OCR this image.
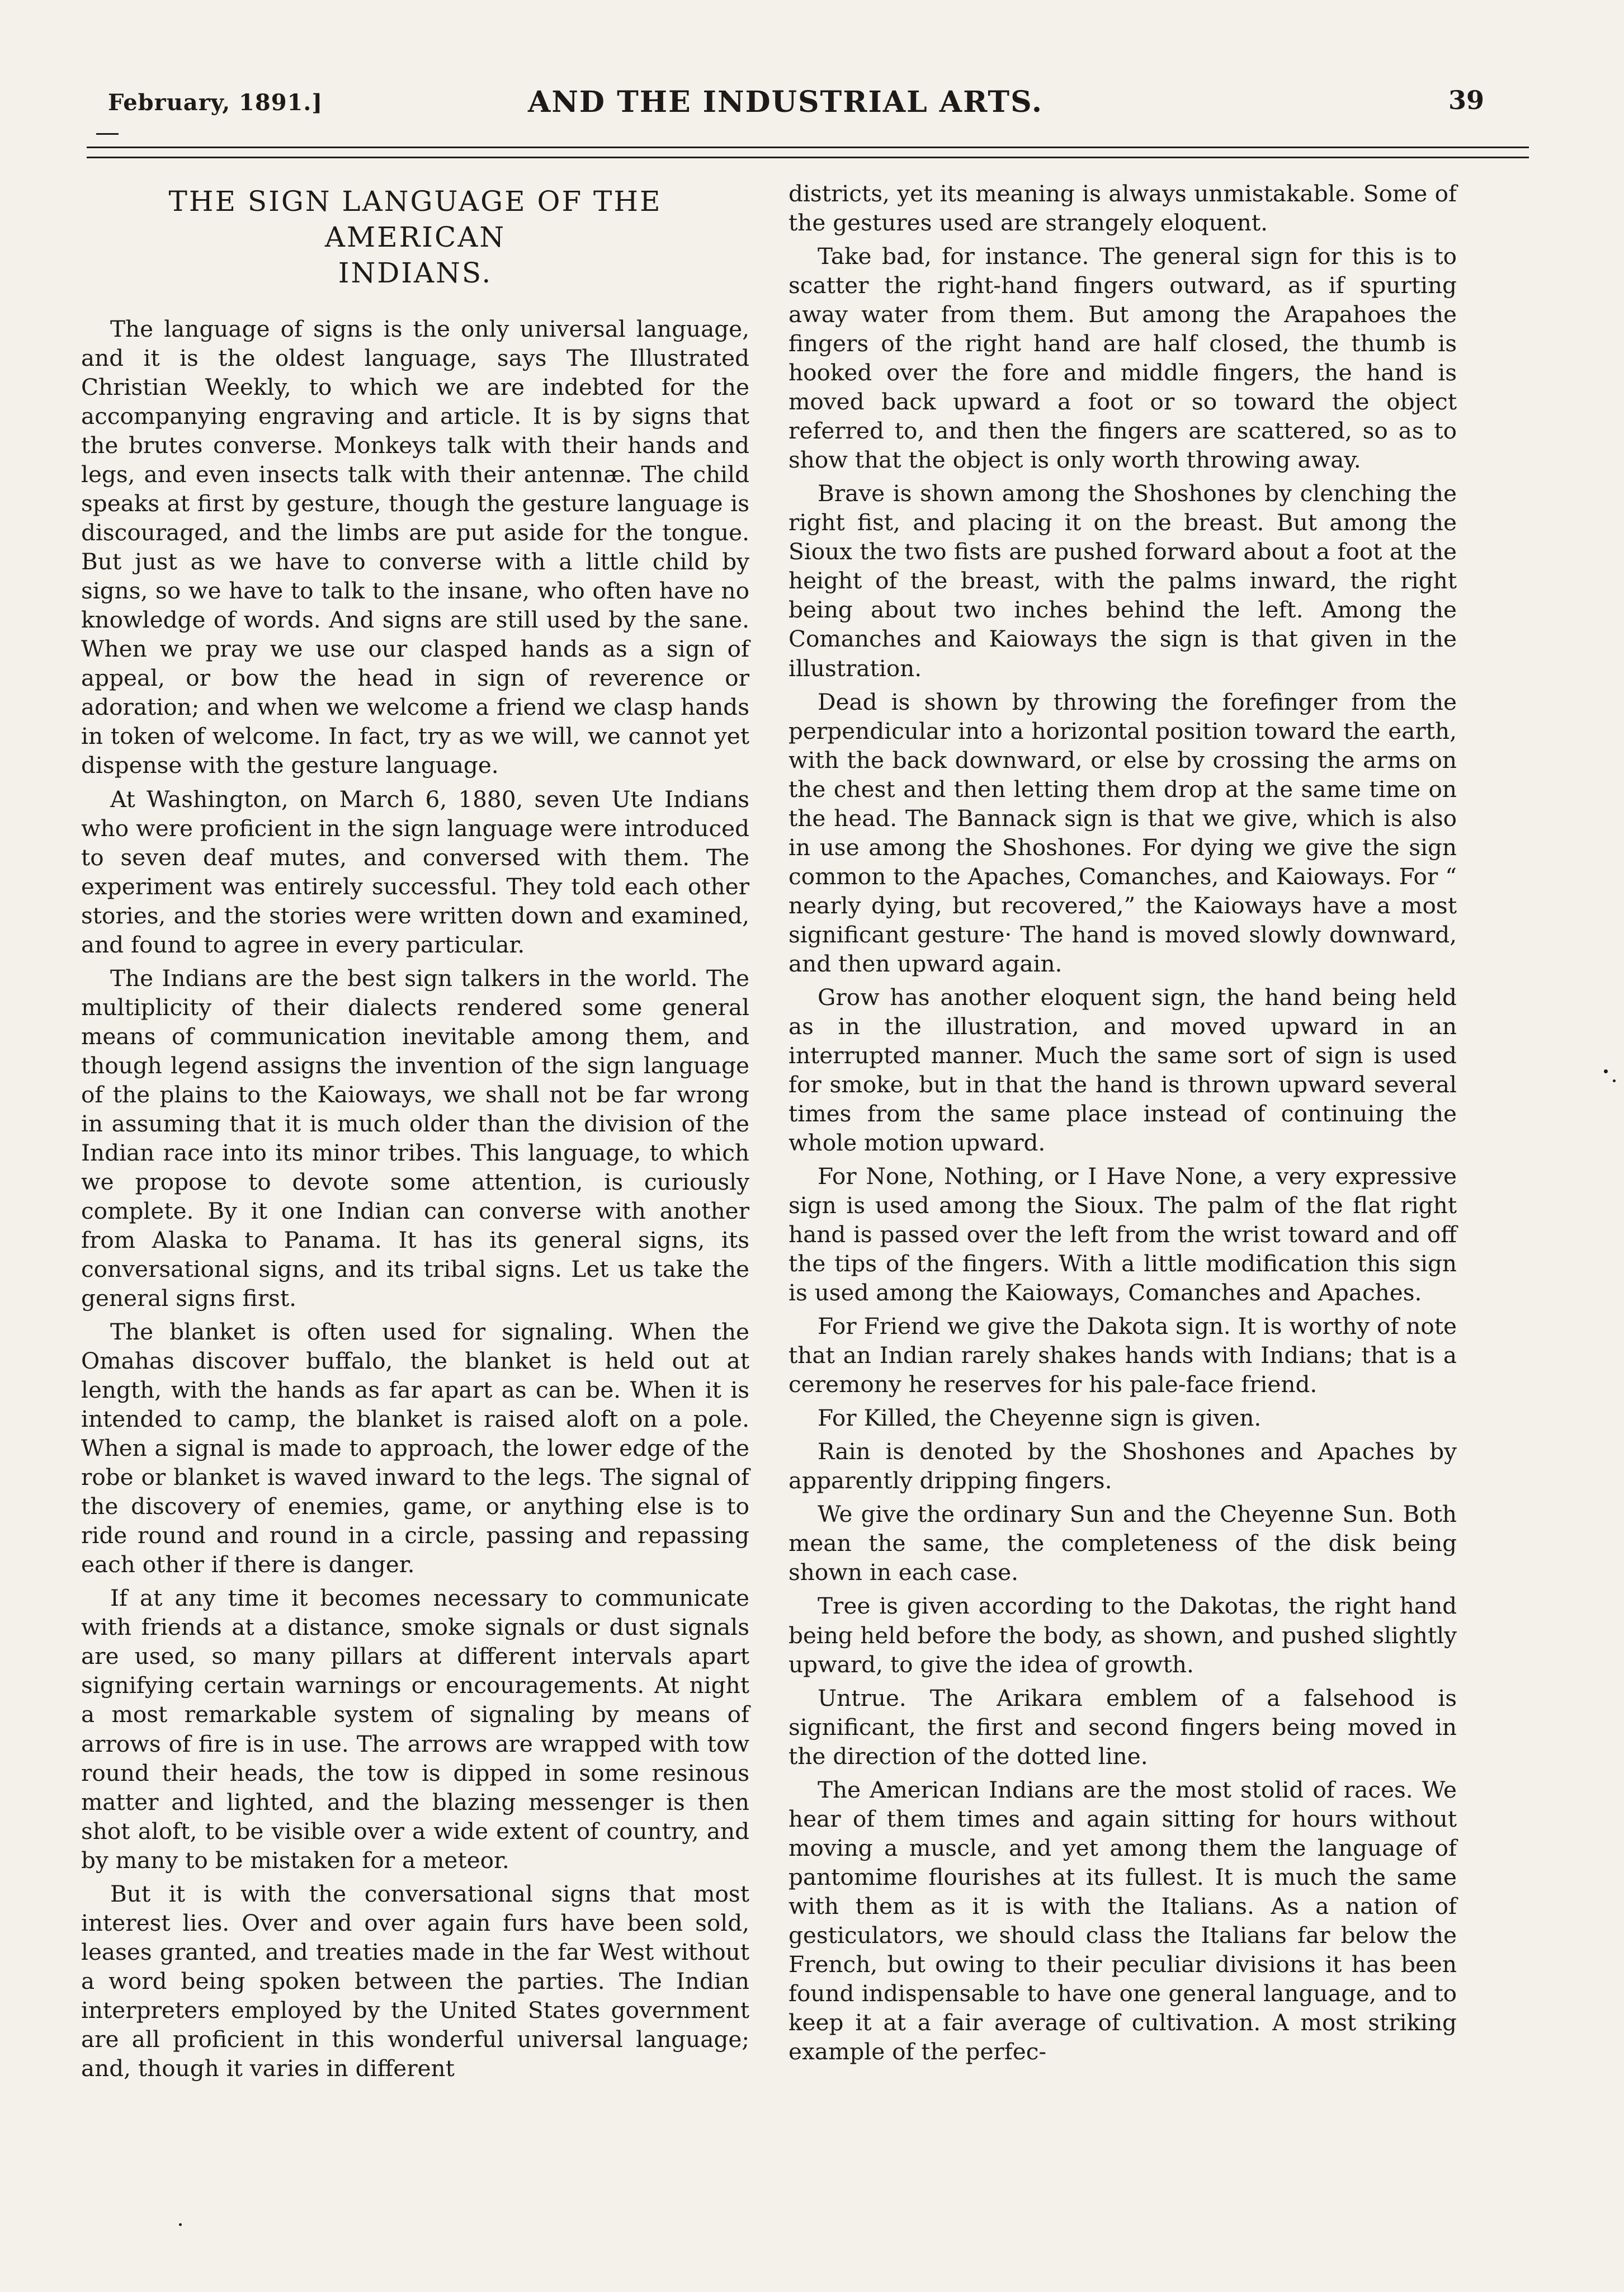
February, 1891.]	AND THE INDUSTRIAL ARTS.	39
THE SIGN LANGUAGE OF THE AMERICAN
INDIANS.

The language of signs is the only universal language, and it is the oldest language, says The Illustrated Christian Weekly, to which we are indebted for the accompanying engraving and article. It is by signs that the brutes converse. Monkeys talk with their hands and legs, and even insects talk with their antennæ. The child speaks at first by gesture, though the gesture language is discouraged, and the limbs are put aside for the tongue. But just as we have to converse with a little child by signs, so we have to talk to the insane, who often have no knowledge of words. And signs are still used by the sane. When we pray we use our clasped hands as a sign of appeal, or bow the head in sign of reverence or adoration; and when we welcome a friend we clasp hands in token of welcome. In fact, try as we will, we cannot yet dispense with the gesture language.

At Washington, on March 6, 1880, seven Ute Indians who were proficient in the sign language were introduced to seven deaf mutes, and conversed with them. The experiment was entirely successful. They told each other stories, and the stories were written down and examined, and found to agree in every particular.

The Indians are the best sign talkers in the world. The multiplicity of their dialects rendered some general means of communication inevitable among them, and though legend assigns the invention of the sign language of the plains to the Kaioways, we shall not be far wrong in assuming that it is much older than the division of the Indian race into its minor tribes. This language, to which we propose to devote some attention, is curiously complete. By it one Indian can converse with another from Alaska to Panama. It has its general signs, its conversational signs, and its tribal signs. Let us take the general signs first.

The blanket is often used for signaling. When the Omahas discover buffalo, the blanket is held out at length, with the hands as far apart as can be. When it is intended to camp, the blanket is raised aloft on a pole. When a signal is made to approach, the lower edge of the robe or blanket is waved inward to the legs. The signal of the discovery of enemies, game, or anything else is to ride round and round in a circle, passing and repassing each other if there is danger.

If at any time it becomes necessary to communicate with friends at a distance, smoke signals or dust signals are used, so many pillars at different intervals apart signifying certain warnings or encouragements. At night a most remarkable system of signaling by means of arrows of fire is in use. The arrows are wrapped with tow round their heads, the tow is dipped in some resinous matter and lighted, and the blazing messenger is then shot aloft, to be visible over a wide extent of country, and by many to be mistaken for a meteor.

But it is with the conversational signs that most interest lies. Over and over again furs have been sold, leases granted, and treaties made in the far West without a word being spoken between the parties. The Indian interpreters employed by the United States government are all proficient in this wonderful universal language; and, though it varies in different

districts, yet its meaning is always unmistakable. Some of the gestures used are strangely eloquent.

Take bad, for instance. The general sign for this is to scatter the right-hand fingers outward, as if spurting away water from them. But among the Arapahoes the fingers of the right hand are half closed, the thumb is hooked over the fore and middle fingers, the hand is moved back upward a foot or so toward the object referred to, and then the fingers are scattered, so as to show that the object is only worth throwing away.

Brave is shown among the Shoshones by clenching the right fist, and placing it on the breast. But among the Sioux the two fists are pushed forward about a foot at the height of the breast, with the palms inward, the right being about two inches behind the left. Among the Comanches and Kaioways the sign is that given in the illustration.

Dead is shown by throwing the forefinger from the perpendicular into a horizontal position toward the earth, with the back downward, or else by crossing the arms on the chest and then letting them drop at the same time on the head. The Bannack sign is that we give, which is also in use among the Shoshones. For dying we give the sign common to the Apaches, Comanches, and Kaioways. For “ nearly dying, but recovered,” the Kaioways have a most significant gesture· The hand is moved slowly downward, and then upward again.

Grow has another eloquent sign, the hand being held as in the illustration, and moved upward in an interrupted manner. Much the same sort of sign is used for smoke, but in that the hand is thrown upward several times from the same place instead of continuing the whole motion upward.

For None, Nothing, or I Have None, a very expressive sign is used among the Sioux. The palm of the flat right hand is passed over the left from the wrist toward and off the tips of the fingers. With a little modification this sign is used among the Kaioways, Comanches and Apaches.

For Friend we give the Dakota sign. It is worthy of note that an Indian rarely shakes hands with Indians; that is a ceremony he reserves for his pale-face friend.

For Killed, the Cheyenne sign is given.

Rain is denoted by the Shoshones and Apaches by apparently dripping fingers.

We give the ordinary Sun and the Cheyenne Sun. Both mean the same, the completeness of the disk being shown in each case.

Tree is given according to the Dakotas, the right hand being held before the body, as shown, and pushed slightly upward, to give the idea of growth.

Untrue. The Arikara emblem of a falsehood is significant, the first and second fingers being moved in the direction of the dotted line.

The American Indians are the most stolid of races. We hear of them times and again sitting for hours without moving a muscle, and yet among them the language of pantomime flourishes at its fullest. It is much the same with them as it is with the Italians. As a nation of gesticulators, we should class the Italians far below the French, but owing to their peculiar divisions it has been found indispensable to have one general language, and to keep it at a fair average of cultivation. A most striking example of the perfec-
